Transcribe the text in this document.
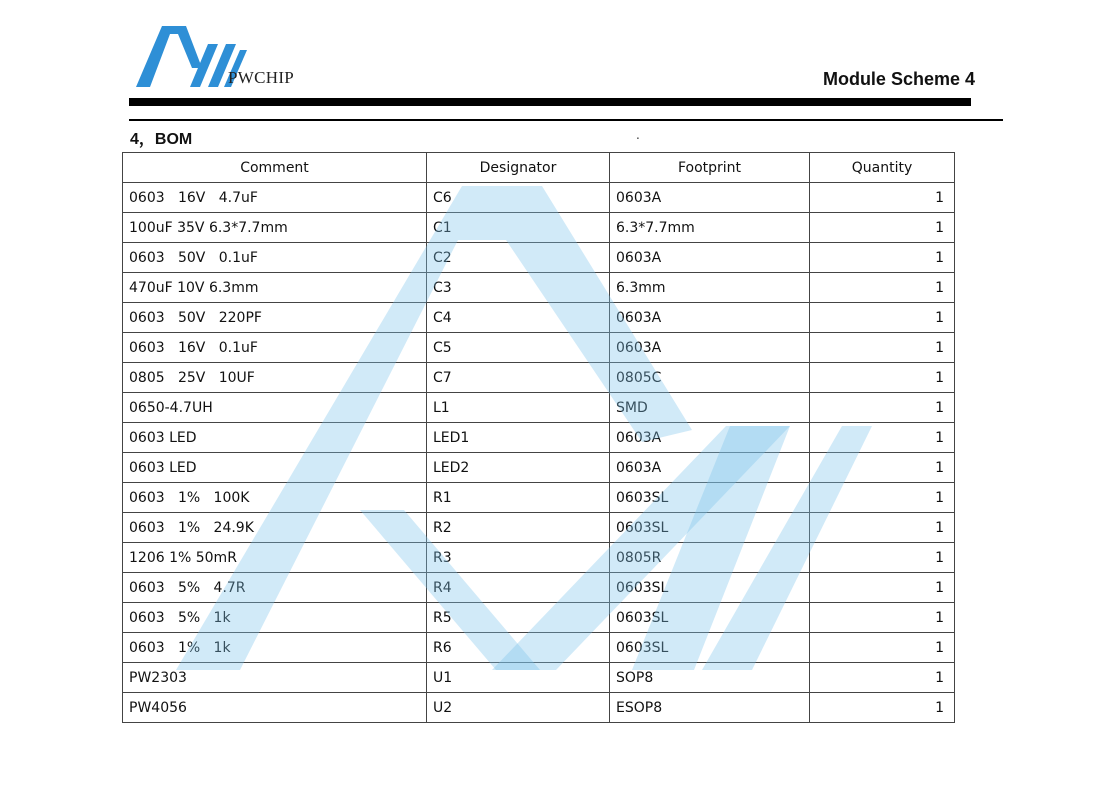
PWCHIP	Module Scheme 4
4，BOM	.
Comment	Designator	Footprint	Quantity
0603   16V   4.7uF	C6	0603A	1
100uF 35V 6.3*7.7mm	C1	6.3*7.7mm	1
0603   50V   0.1uF	C2	0603A	1
470uF 10V 6.3mm	C3	6.3mm	1
0603   50V   220PF	C4	0603A	1
0603   16V   0.1uF	C5	0603A	1
0805   25V   10UF	C7	0805C	1
0650-4.7UH	L1	SMD	1
0603 LED	LED1	0603A	1
0603 LED	LED2	0603A	1
0603   1%   100K	R1	0603SL	1
0603   1%   24.9K	R2	0603SL	1
1206 1% 50mR	R3	0805R	1
0603   5%   4.7R	R4	0603SL	1
0603   5%   1k	R5	0603SL	1
0603   1%   1k	R6	0603SL	1
PW2303	U1	SOP8	1
PW4056	U2	ESOP8	1
